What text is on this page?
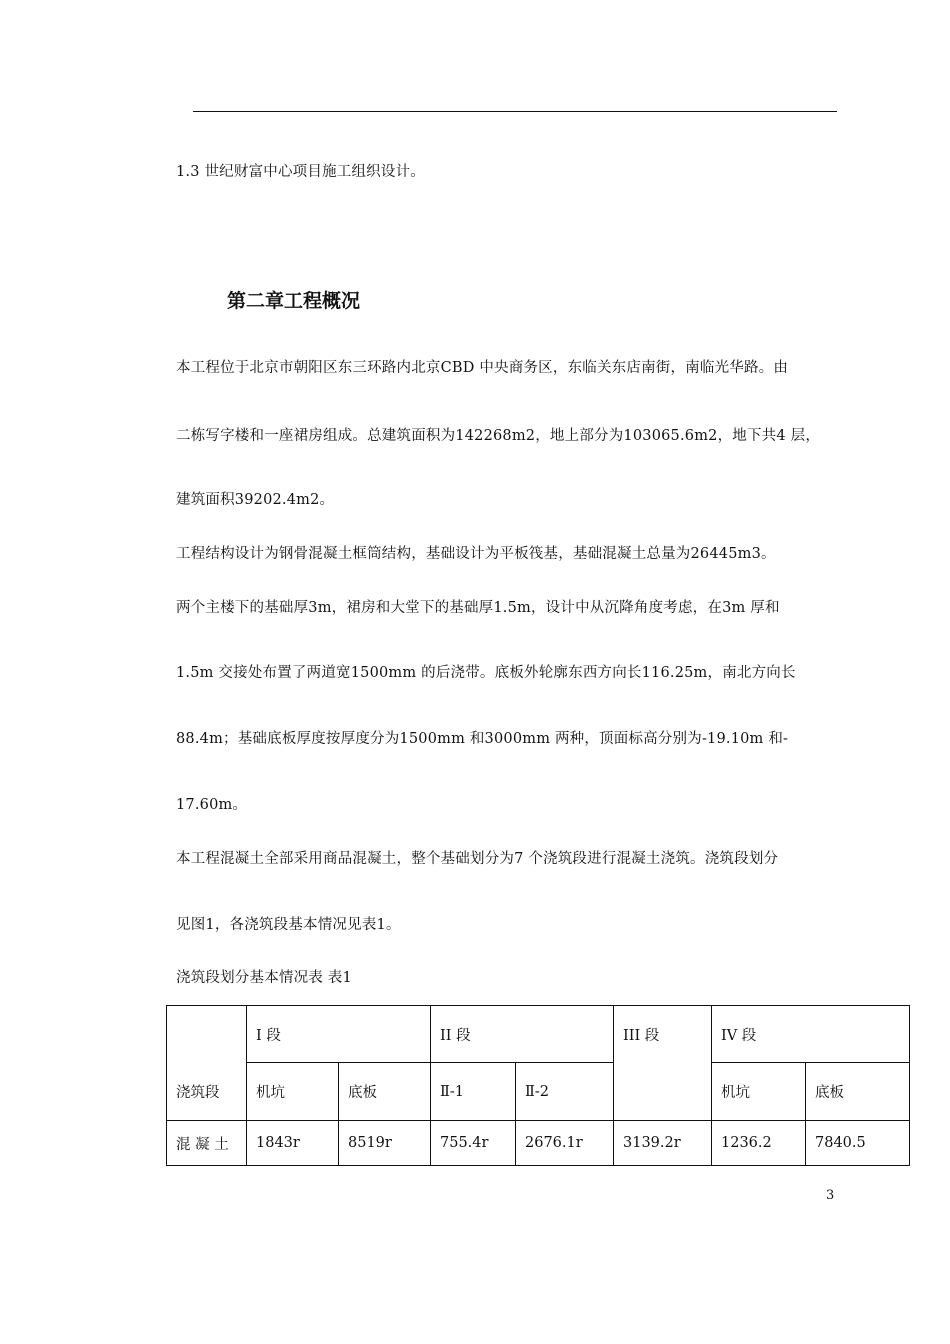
1.3 世纪财富中心项目施工组织设计。
第二章工程概况
本工程位于北京市朝阳区东三环路内北京CBD 中央商务区，东临关东店南街，南临光华路。由
二栋写字楼和一座裙房组成。总建筑面积为142268m2，地上部分为103065.6m2，地下共4 层，
建筑面积39202.4m2。
工程结构设计为钢骨混凝土框筒结构，基础设计为平板筏基，基础混凝土总量为26445m3。
两个主楼下的基础厚3m，裙房和大堂下的基础厚1.5m，设计中从沉降角度考虑，在3m 厚和
1.5m 交接处布置了两道宽1500mm 的后浇带。底板外轮廓东西方向长116.25m，南北方向长
88.4m；基础底板厚度按厚度分为1500mm 和3000mm 两种，顶面标高分别为-19.10m 和-
17.60m。
本工程混凝土全部采用商品混凝土，整个基础划分为7 个浇筑段进行混凝土浇筑。浇筑段划分
见图1，各浇筑段基本情况见表1。
浇筑段划分基本情况表 表1
浇筑段	I 段		II 段		III 段	IV 段	
	机坑	底板	Ⅱ-1	Ⅱ-2		机坑	底板
混 凝 土	1843r	8519r	755.4r	2676.1r	3139.2r	1236.2	7840.5
3
